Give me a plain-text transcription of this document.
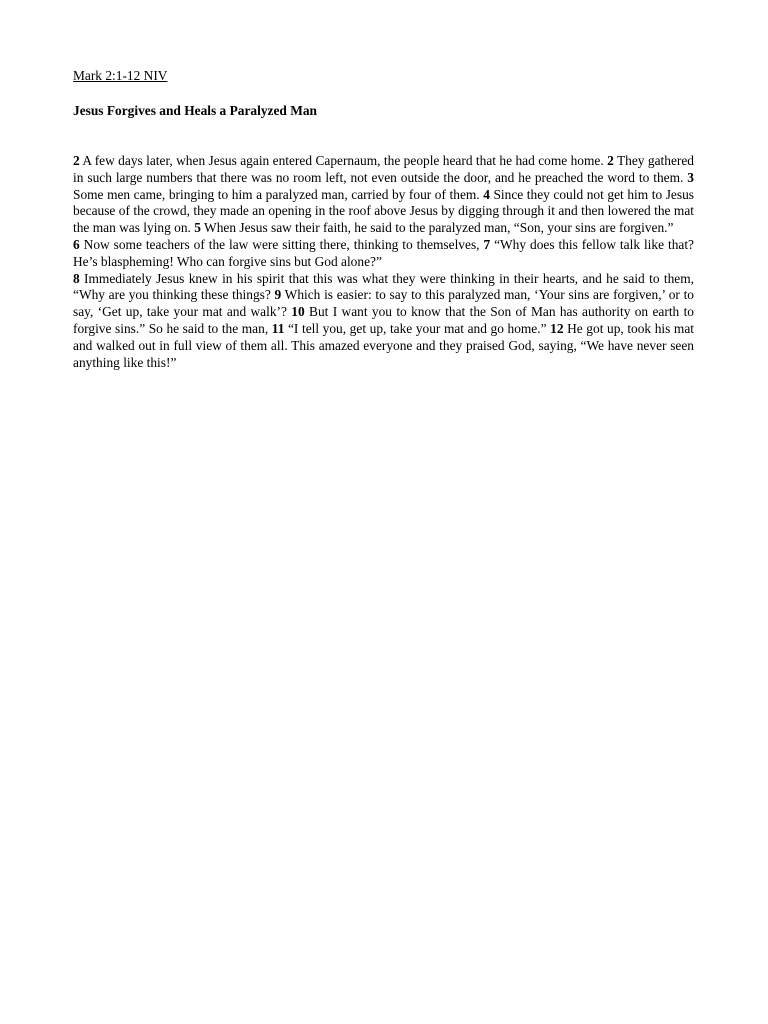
Mark 2:1-12 NIV

Jesus Forgives and Heals a Paralyzed Man

2 A few days later, when Jesus again entered Capernaum, the people heard that he had come home. 2 They gathered in such large numbers that there was no room left, not even outside the door, and he preached the word to them. 3 Some men came, bringing to him a paralyzed man, carried by four of them. 4 Since they could not get him to Jesus because of the crowd, they made an opening in the roof above Jesus by digging through it and then lowered the mat the man was lying on. 5 When Jesus saw their faith, he said to the paralyzed man, “Son, your sins are forgiven.”

6 Now some teachers of the law were sitting there, thinking to themselves, 7 “Why does this fellow talk like that? He’s blaspheming! Who can forgive sins but God alone?”

8 Immediately Jesus knew in his spirit that this was what they were thinking in their hearts, and he said to them, “Why are you thinking these things? 9 Which is easier: to say to this paralyzed man, ‘Your sins are forgiven,’ or to say, ‘Get up, take your mat and walk’? 10 But I want you to know that the Son of Man has authority on earth to forgive sins.” So he said to the man, 11 “I tell you, get up, take your mat and go home.” 12 He got up, took his mat and walked out in full view of them all. This amazed everyone and they praised God, saying, “We have never seen anything like this!”
